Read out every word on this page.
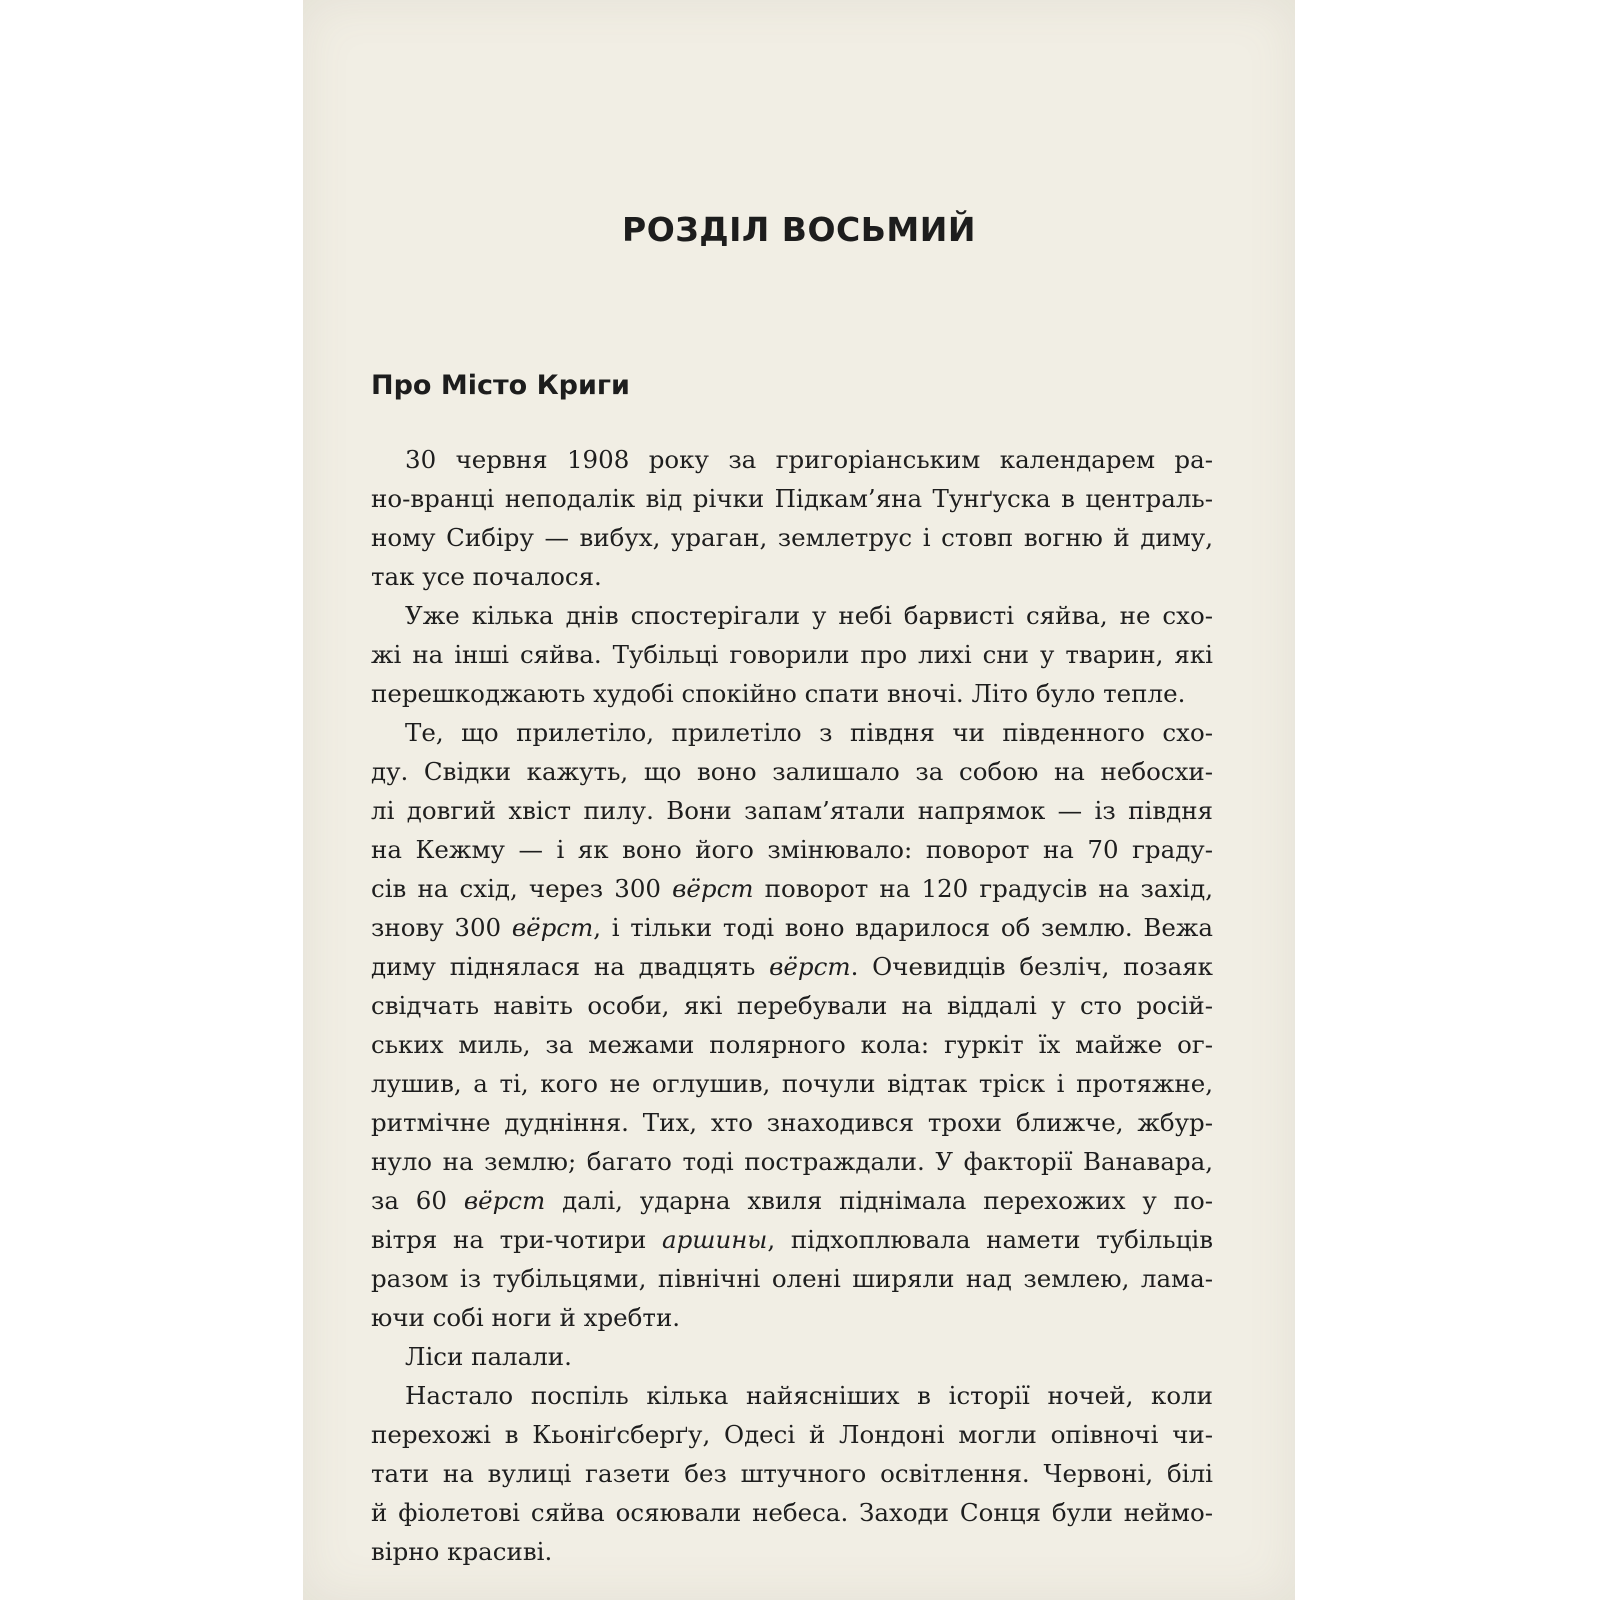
РОЗДІЛ ВОСЬМИЙ
Про Місто Криги
30 червня 1908 року за григоріанським календарем ра-
но-вранці неподалік від річки Підкам’яна Тунґуска в централь-
ному Сибіру — вибух, ураган, землетрус і стовп вогню й диму,
так усе почалося.
Уже кілька днів спостерігали у небі барвисті сяйва, не схо-
жі на інші сяйва. Тубільці говорили про лихі сни у тварин, які
перешкоджають худобі спокійно спати вночі. Літо було тепле.
Те, що прилетіло, прилетіло з півдня чи південного схо-
ду. Свідки кажуть, що воно залишало за собою на небосхи-
лі довгий хвіст пилу. Вони запам’ятали напрямок — із півдня
на Кежму — і як воно його змінювало: поворот на 70 граду-
сів на схід, через 300 вёрст поворот на 120 градусів на захід,
знову 300 вёрст, і тільки тоді воно вдарилося об землю. Вежа
диму піднялася на двадцять вёрст. Очевидців безліч, позаяк
свідчать навіть особи, які перебували на віддалі у сто росій-
ських миль, за межами полярного кола: гуркіт їх майже ог-
лушив, а ті, кого не оглушив, почули відтак тріск і протяжне,
ритмічне дудніння. Тих, хто знаходився трохи ближче, жбур-
нуло на землю; багато тоді постраждали. У факторії Ванавара,
за 60 вёрст далі, ударна хвиля піднімала перехожих у по-
вітря на три-чотири аршины, підхоплювала намети тубільців
разом із тубільцями, північні олені ширяли над землею, лама-
ючи собі ноги й хребти.
Ліси палали.
Настало поспіль кілька найясніших в історії ночей, коли
перехожі в Кьоніґсберґу, Одесі й Лондоні могли опівночі чи-
тати на вулиці газети без штучного освітлення. Червоні, білі
й фіолетові сяйва осяювали небеса. Заходи Сонця були неймо-
вірно красиві.
